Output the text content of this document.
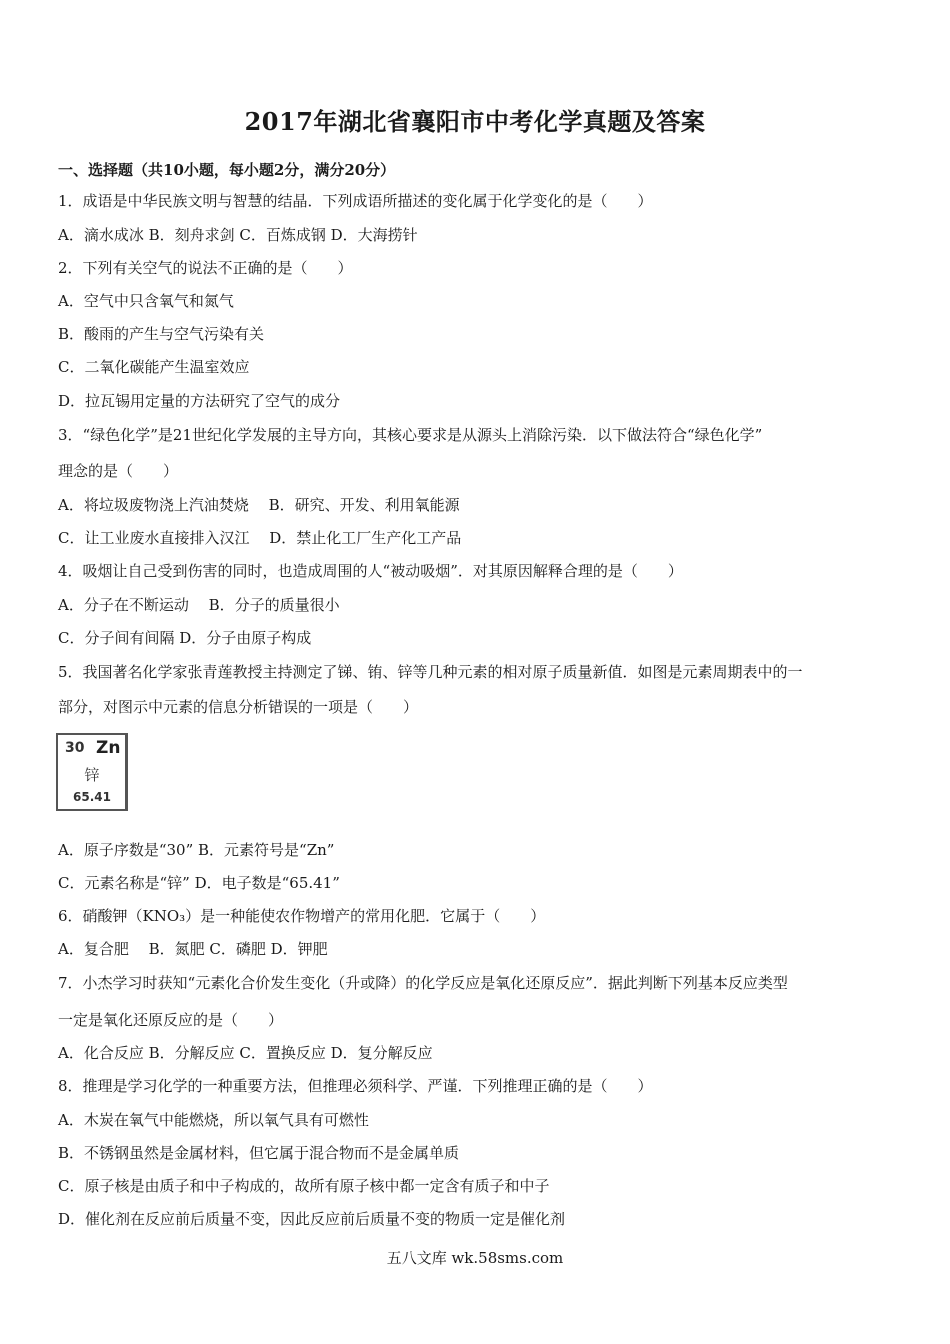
2017年湖北省襄阳市中考化学真题及答案
一、选择题（共10小题，每小题2分，满分20分）
1．成语是中华民族文明与智慧的结晶．下列成语所描述的变化属于化学变化的是（　　）
A．滴水成冰 B．刻舟求剑 C．百炼成钢 D．大海捞针
2．下列有关空气的说法不正确的是（　　）
A．空气中只含氧气和氮气
B．酸雨的产生与空气污染有关
C．二氧化碳能产生温室效应
D．拉瓦锡用定量的方法研究了空气的成分
3．“绿色化学”是21世纪化学发展的主导方向，其核心要求是从源头上消除污染．以下做法符合“绿色化学”
理念的是（　　）
A．将垃圾废物浇上汽油焚烧　 B．研究、开发、利用氧能源
C．让工业废水直接排入汉江　 D．禁止化工厂生产化工产品
4．吸烟让自己受到伤害的同时，也造成周围的人“被动吸烟”．对其原因解释合理的是（　　）
A．分子在不断运动　 B．分子的质量很小
C．分子间有间隔 D．分子由原子构成
5．我国著名化学家张青莲教授主持测定了锑、铕、锌等几种元素的相对原子质量新值．如图是元素周期表中的一
部分，对图示中元素的信息分析错误的一项是（　　）
30 Zn
锌
65.41
A．原子序数是“30” B．元素符号是“Zn”
C．元素名称是“锌” D．电子数是“65.41”
6．硝酸钾（KNO₃）是一种能使农作物增产的常用化肥．它属于（　　）
A．复合肥　 B．氮肥 C．磷肥 D．钾肥
7．小杰学习时获知“元素化合价发生变化（升或降）的化学反应是氧化还原反应”．据此判断下列基本反应类型
一定是氧化还原反应的是（　　）
A．化合反应 B．分解反应 C．置换反应 D．复分解反应
8．推理是学习化学的一种重要方法，但推理必须科学、严谨．下列推理正确的是（　　）
A．木炭在氧气中能燃烧，所以氧气具有可燃性
B．不锈钢虽然是金属材料，但它属于混合物而不是金属单质
C．原子核是由质子和中子构成的，故所有原子核中都一定含有质子和中子
D．催化剂在反应前后质量不变，因此反应前后质量不变的物质一定是催化剂
五八文库 wk.58sms.com
